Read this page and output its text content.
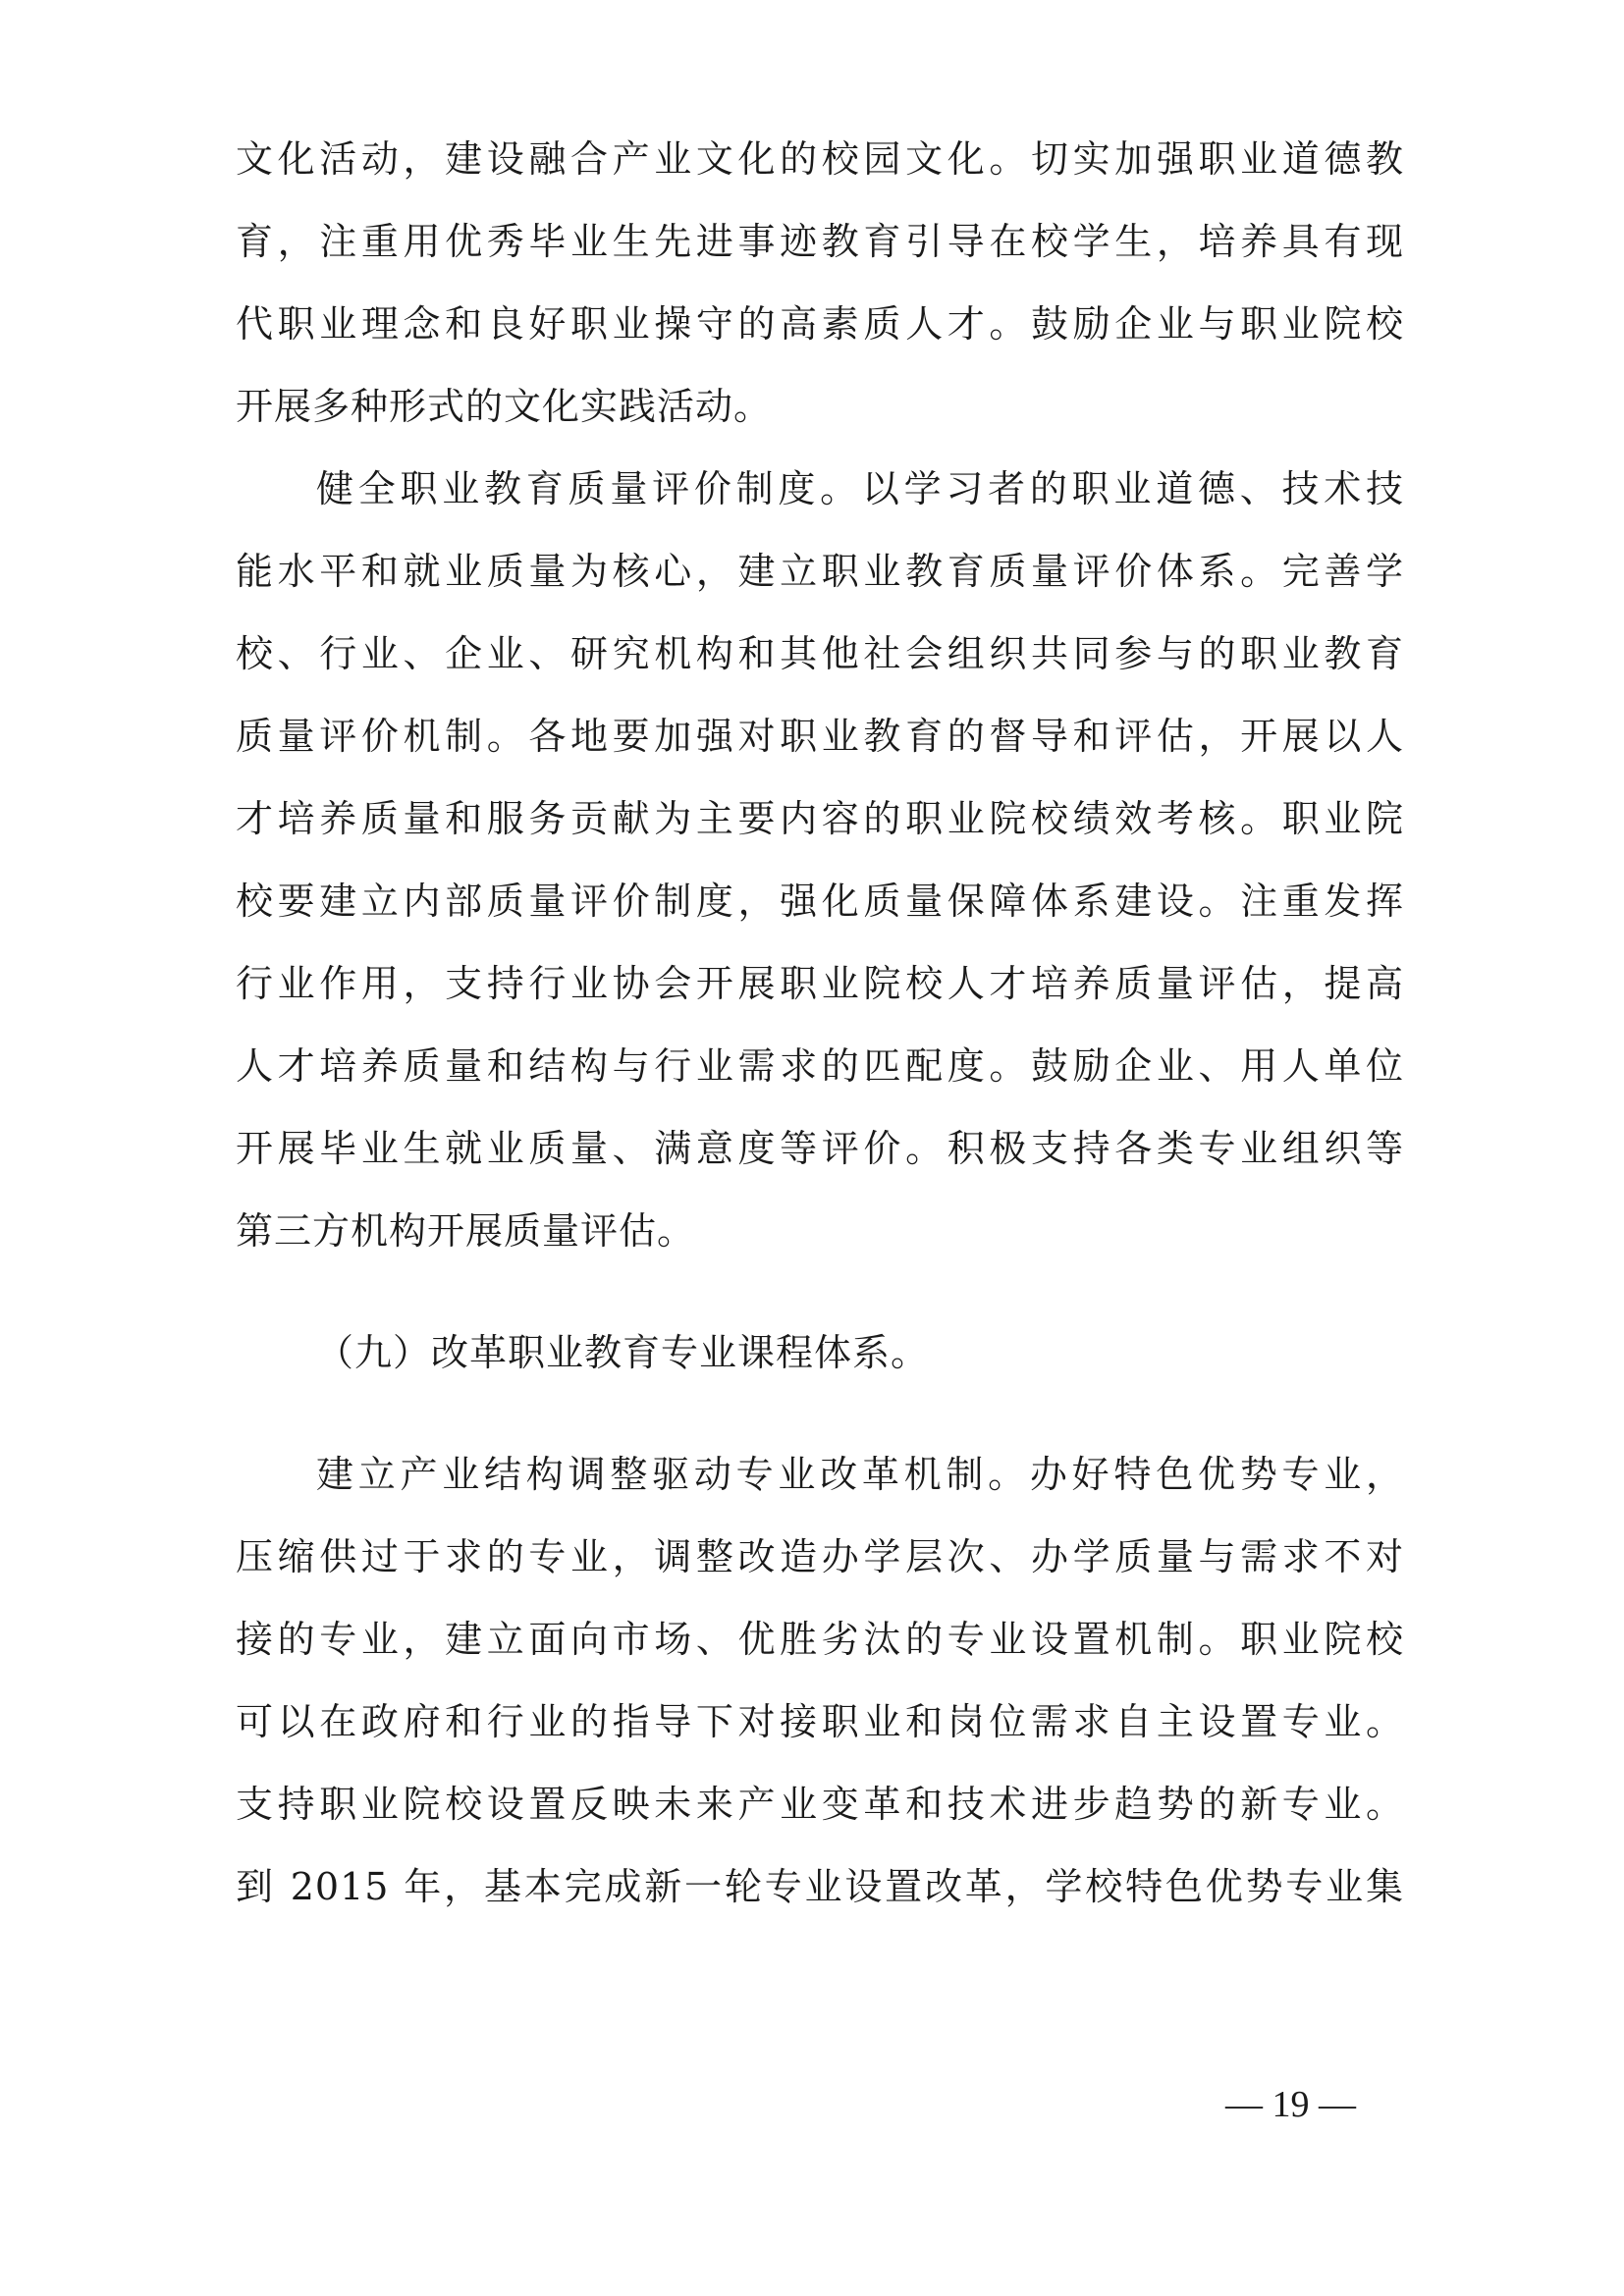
文化活动，建设融合产业文化的校园文化。切实加强职业道德教
育，注重用优秀毕业生先进事迹教育引导在校学生，培养具有现
代职业理念和良好职业操守的高素质人才。鼓励企业与职业院校
开展多种形式的文化实践活动。
健全职业教育质量评价制度。以学习者的职业道德、技术技
能水平和就业质量为核心，建立职业教育质量评价体系。完善学
校、行业、企业、研究机构和其他社会组织共同参与的职业教育
质量评价机制。各地要加强对职业教育的督导和评估，开展以人
才培养质量和服务贡献为主要内容的职业院校绩效考核。职业院
校要建立内部质量评价制度，强化质量保障体系建设。注重发挥
行业作用，支持行业协会开展职业院校人才培养质量评估，提高
人才培养质量和结构与行业需求的匹配度。鼓励企业、用人单位
开展毕业生就业质量、满意度等评价。积极支持各类专业组织等
第三方机构开展质量评估。
（九）改革职业教育专业课程体系。
建立产业结构调整驱动专业改革机制。办好特色优势专业，
压缩供过于求的专业，调整改造办学层次、办学质量与需求不对
接的专业，建立面向市场、优胜劣汰的专业设置机制。职业院校
可以在政府和行业的指导下对接职业和岗位需求自主设置专业。
支持职业院校设置反映未来产业变革和技术进步趋势的新专业。
到 2015 年，基本完成新一轮专业设置改革，学校特色优势专业集
— 19 —
